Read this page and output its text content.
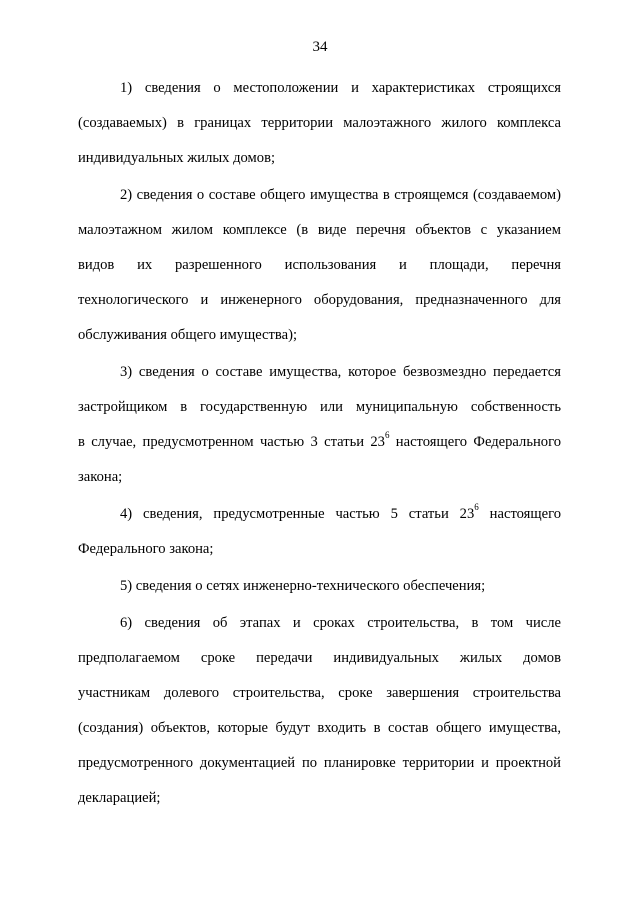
34

1) сведения о местоположении и характеристиках строящихся
(создаваемых) в границах территории малоэтажного жилого комплекса
индивидуальных жилых домов;

2) сведения о составе общего имущества в строящемся (создаваемом)
малоэтажном жилом комплексе (в виде перечня объектов с указанием
видов их разрешенного использования и площади, перечня
технологического и инженерного оборудования, предназначенного для
обслуживания общего имущества);

3) сведения о составе имущества, которое безвозмездно передается
застройщиком в государственную или муниципальную собственность
в случае, предусмотренном частью 3 статьи $23^6$ настоящего Федерального
закона;

4) сведения, предусмотренные частью 5 статьи $23^6$ настоящего
Федерального закона;

5) сведения о сетях инженерно-технического обеспечения;

6) сведения об этапах и сроках строительства, в том числе
предполагаемом сроке передачи индивидуальных жилых домов
участникам долевого строительства, сроке завершения строительства
(создания) объектов, которые будут входить в состав общего имущества,
предусмотренного документацией по планировке территории и проектной
декларацией;
